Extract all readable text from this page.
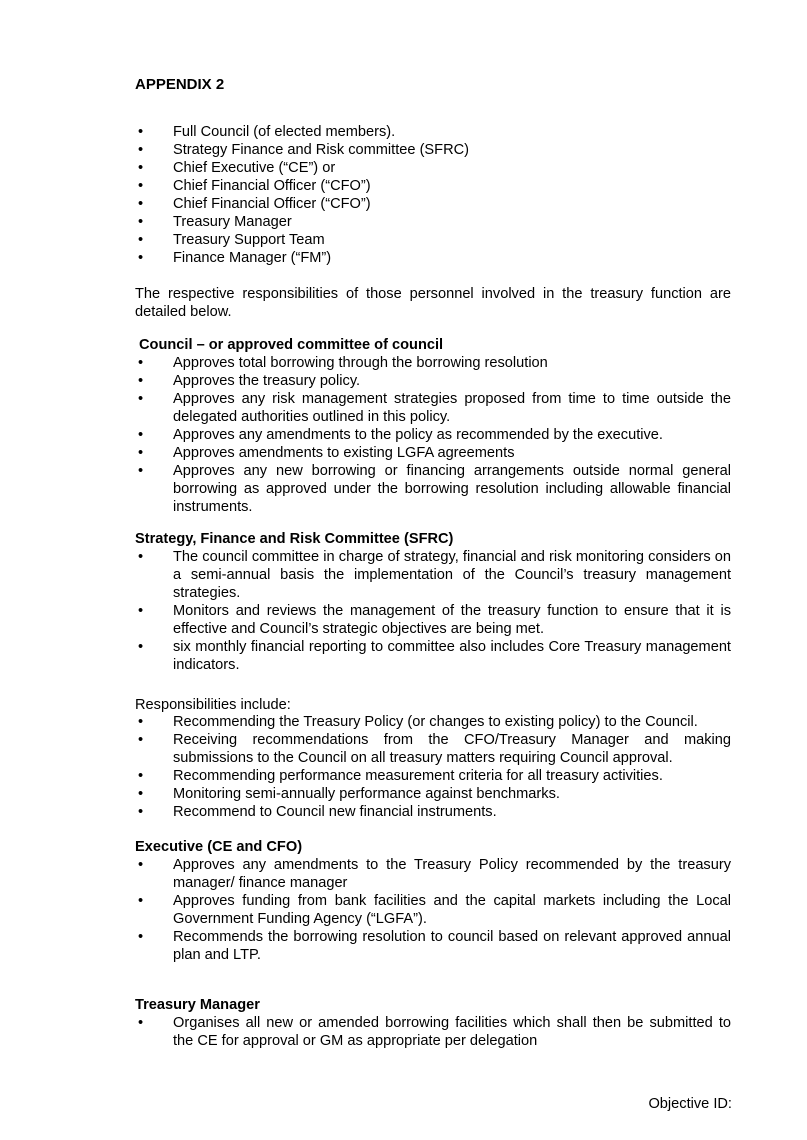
APPENDIX 2
• Full Council (of elected members).
• Strategy Finance and Risk committee (SFRC)
• Chief Executive (“CE”) or
• Chief Financial Officer (“CFO”)
• Chief Financial Officer (“CFO”)
• Treasury Manager
• Treasury Support Team
• Finance Manager (“FM”)
The respective responsibilities of those personnel involved in the treasury function are detailed below.
Council – or approved committee of council
• Approves total borrowing through the borrowing resolution
• Approves the treasury policy.
• Approves any risk management strategies proposed from time to time outside the delegated authorities outlined in this policy.
• Approves any amendments to the policy as recommended by the executive.
• Approves amendments to existing LGFA agreements
• Approves any new borrowing or financing arrangements outside normal general borrowing as approved under the borrowing resolution including allowable financial instruments.
Strategy, Finance and Risk Committee (SFRC)
• The council committee in charge of strategy, financial and risk monitoring considers on a semi-annual basis the implementation of the Council’s treasury management strategies.
• Monitors and reviews the management of the treasury function to ensure that it is effective and Council’s strategic objectives are being met.
• six monthly financial reporting to committee also includes Core Treasury management indicators.
Responsibilities include:
• Recommending the Treasury Policy (or changes to existing policy) to the Council.
• Receiving recommendations from the CFO/Treasury Manager and making submissions to the Council on all treasury matters requiring Council approval.
• Recommending performance measurement criteria for all treasury activities.
• Monitoring semi-annually performance against benchmarks.
• Recommend to Council new financial instruments.
Executive (CE and CFO)
• Approves any amendments to the Treasury Policy recommended by the treasury manager/ finance manager
• Approves funding from bank facilities and the capital markets including the Local Government Funding Agency (“LGFA”).
• Recommends the borrowing resolution to council based on relevant approved annual plan and LTP.
Treasury Manager
• Organises all new or amended borrowing facilities which shall then be submitted to the CE for approval or GM as appropriate per delegation
Objective ID:
